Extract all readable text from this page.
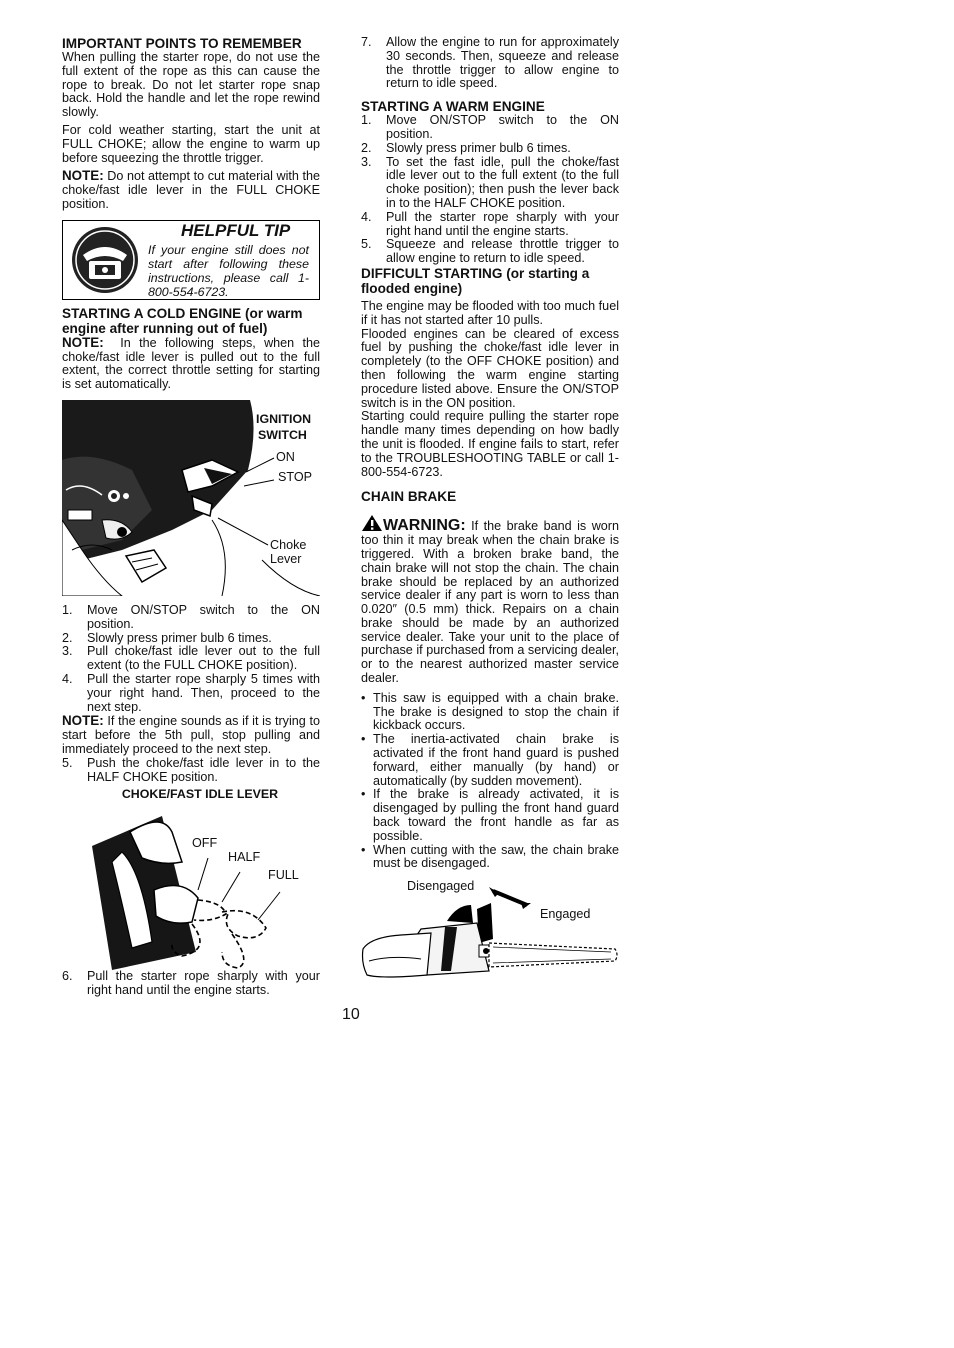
IMPORTANT POINTS TO REMEMBER

When pulling the starter rope, do not use the full extent of the rope as this can cause the rope to break. Do not let starter rope snap back. Hold the handle and let the rope rewind slowly.

For cold weather starting, start the unit at FULL CHOKE; allow the engine to warm up before squeezing the throttle trigger.

NOTE: Do not attempt to cut material with the choke/fast idle lever in the FULL CHOKE position.

HELPFUL TIP
If your engine still does not start after following these instructions, please call 1-800-554-6723.
STARTING A COLD ENGINE (or warm engine after running out of fuel)

NOTE: In the following steps, when the choke/fast idle lever is pulled out to the full extent, the correct throttle setting for starting is set automatically.

IGNITION
SWITCH
ON
STOP
Choke
Lever
1. Move ON/STOP switch to the ON position.
2. Slowly press primer bulb 6 times.
3. Pull choke/fast idle lever out to the full extent (to the FULL CHOKE position).
4. Pull the starter rope sharply 5 times with your right hand. Then, proceed to the next step.

NOTE: If the engine sounds as if it is trying to start before the 5th pull, stop pulling and immediately proceed to the next step.

5. Push the choke/fast idle lever in to the HALF CHOKE position.
CHOKE/FAST IDLE LEVER
OFF
HALF
FULL
6. Pull the starter rope sharply with your right hand until the engine starts.
7. Allow the engine to run for approximately 30 seconds. Then, squeeze and release the throttle trigger to allow engine to return to idle speed.
STARTING A WARM ENGINE
1. Move ON/STOP switch to the ON position.
2. Slowly press primer bulb 6 times.
3. To set the fast idle, pull the choke/fast idle lever out to the full extent (to the full choke position); then push the lever back in to the HALF CHOKE position.
4. Pull the starter rope sharply with your right hand until the engine starts.
5. Squeeze and release throttle trigger to allow engine to return to idle speed.
DIFFICULT STARTING (or starting a flooded engine)

The engine may be flooded with too much fuel if it has not started after 10 pulls.

Flooded engines can be cleared of excess fuel by pushing the choke/fast idle lever in completely (to the OFF CHOKE position) and then following the warm engine starting procedure listed above. Ensure the ON/STOP switch is in the ON position.

Starting could require pulling the starter rope handle many times depending on how badly the unit is flooded. If engine fails to start, refer to the TROUBLESHOOTING TABLE or call 1-800-554-6723.

CHAIN BRAKE

WARNING: If the brake band is worn too thin it may break when the chain brake is triggered. With a broken brake band, the chain brake will not stop the chain. The chain brake should be replaced by an authorized service dealer if any part is worn to less than 0.020″ (0.5 mm) thick. Repairs on a chain brake should be made by an authorized service dealer. Take your unit to the place of purchase if purchased from a servicing dealer, or to the nearest authorized master service dealer.

• This saw is equipped with a chain brake. The brake is designed to stop the chain if kickback occurs.
• The inertia-activated chain brake is activated if the front hand guard is pushed forward, either manually (by hand) or automatically (by sudden movement).
• If the brake is already activated, it is disengaged by pulling the front hand guard back toward the front handle as far as possible.
• When cutting with the saw, the chain brake must be disengaged.
Disengaged
Engaged
10
